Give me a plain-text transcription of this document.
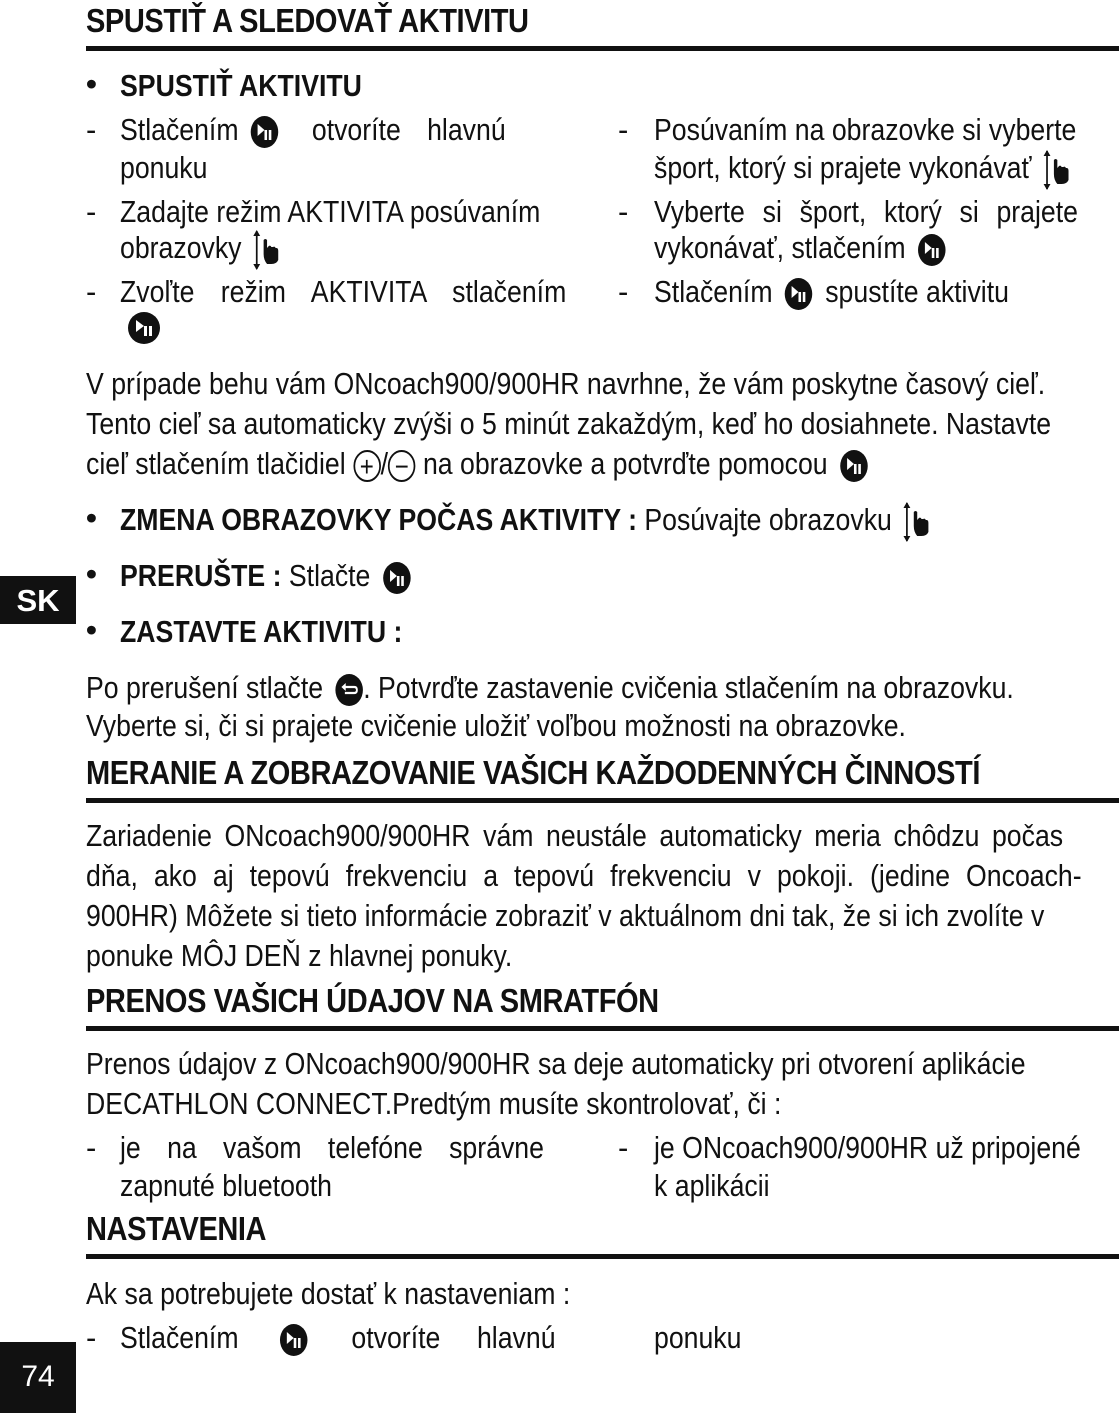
SPUSTIŤ A SLEDOVAŤ AKTIVITU
• SPUSTIŤ AKTIVITU
- Stlačením otvoríte hlavnú
ponuku
- Zadajte režim AKTIVITA posúvaním
obrazovky
- Zvoľte režim AKTIVITA stlačením
- Posúvaním na obrazovke si vyberte
šport, ktorý si prajete vykonávať
- Vyberte si šport, ktorý si prajete
vykonávať, stlačením
- Stlačením spustíte aktivitu
V prípade behu vám ONcoach900/900HR navrhne, že vám poskytne časový cieľ.
Tento cieľ sa automaticky zvýši o 5 minút zakaždým, keď ho dosiahnete. Nastavte
cieľ stlačením tlačidiel + / − na obrazovke a potvrďte pomocou
• ZMENA OBRAZOVKY POČAS AKTIVITY : Posúvajte obrazovku
• PRERUŠTE : Stlačte
• ZASTAVTE AKTIVITU :
Po prerušení stlačte . Potvrďte zastavenie cvičenia stlačením na obrazovku.
Vyberte si, či si prajete cvičenie uložiť voľbou možnosti na obrazovke.
MERANIE A ZOBRAZOVANIE VAŠICH KAŽDODENNÝCH ČINNOSTÍ
Zariadenie ONcoach900/900HR vám neustále automaticky meria chôdzu počas
dňa, ako aj tepovú frekvenciu a tepovú frekvenciu v pokoji. (jedine Oncoach-
900HR) Môžete si tieto informácie zobraziť v aktuálnom dni tak, že si ich zvolíte v
ponuke MÔJ DEŇ z hlavnej ponuky.
PRENOS VAŠICH ÚDAJOV NA SMRATFÓN
Prenos údajov z ONcoach900/900HR sa deje automaticky pri otvorení aplikácie
DECATHLON CONNECT.Predtým musíte skontrolovať, či :
- je na vašom telefóne správne
zapnuté bluetooth
- je ONcoach900/900HR už pripojené
k aplikácii
NASTAVENIA
Ak sa potrebujete dostať k nastaveniam :
- Stlačením	otvoríte hlavnú	ponuku
SK
74
